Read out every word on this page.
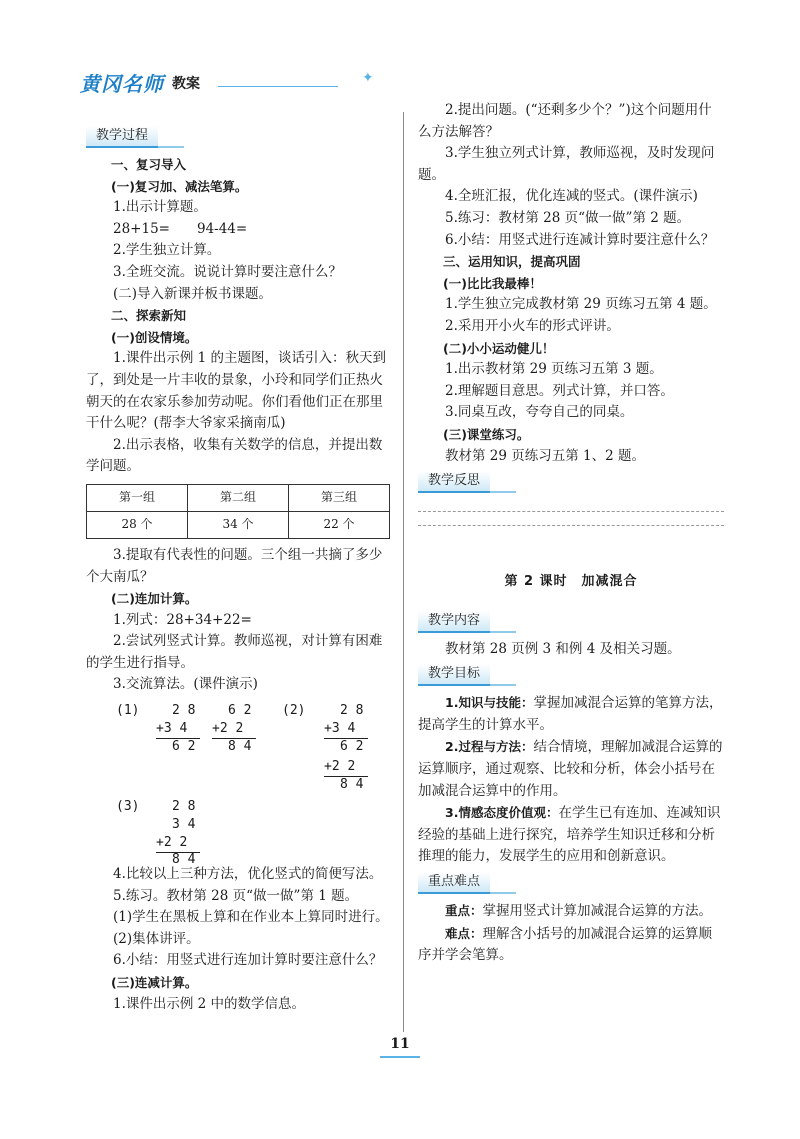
黄冈名师 教案	✦
教学过程

一、复习导入

(一)复习加、减法笔算。

1.出示计算题。

28+15=　　94-44=

2.学生独立计算。

3.全班交流。说说计算时要注意什么？

(二)导入新课并板书课题。

二、探索新知

(一)创设情境。

1.课件出示例 1 的主题图，谈话引入：秋天到了，到处是一片丰收的景象，小玲和同学们正热火朝天的在农家乐参加劳动呢。你们看他们正在那里干什么呢？(帮李大爷家采摘南瓜)

2.出示表格，收集有关数学的信息，并提出数学问题。

第一组	第二组	第三组
28 个	34 个	22 个

3.提取有代表性的问题。三个组一共摘了多少个大南瓜？

(二)连加计算。

1.列式：28+34+22=

2.尝试列竖式计算。教师巡视，对计算有困难的学生进行指导。

3.交流算法。(课件演示)

(1)	2 8
+3 4
6 2
6 2
+2 2
8 4
(2)	2 8
+3 4
6 2
+2 2
8 4
(3)	2 8
3 4
+2 2
8 4

4.比较以上三种方法，优化竖式的简便写法。

5.练习。教材第 28 页“做一做”第 1 题。

(1)学生在黑板上算和在作业本上算同时进行。

(2)集体讲评。

6.小结：用竖式进行连加计算时要注意什么？

(三)连减计算。

1.课件出示例 2 中的数学信息。

2.提出问题。(“还剩多少个？”)这个问题用什么方法解答？

3.学生独立列式计算，教师巡视，及时发现问题。

4.全班汇报，优化连减的竖式。(课件演示)

5.练习：教材第 28 页“做一做”第 2 题。

6.小结：用竖式进行连减计算时要注意什么？

三、运用知识，提高巩固

(一)比比我最棒！

1.学生独立完成教材第 29 页练习五第 4 题。

2.采用开小火车的形式评讲。

(二)小小运动健儿！

1.出示教材第 29 页练习五第 3 题。

2.理解题目意思。列式计算，并口答。

3.同桌互改，夸夸自己的同桌。

(三)课堂练习。

教材第 29 页练习五第 1、2 题。

教学反思
第 2 课时　加减混合
教学内容

教材第 28 页例 3 和例 4 及相关习题。

教学目标

1.知识与技能：掌握加减混合运算的笔算方法，提高学生的计算水平。

2.过程与方法：结合情境，理解加减混合运算的运算顺序，通过观察、比较和分析，体会小括号在加减混合运算中的作用。

3.情感态度价值观：在学生已有连加、连减知识经验的基础上进行探究，培养学生知识迁移和分析推理的能力，发展学生的应用和创新意识。

重点难点

重点：掌握用竖式计算加减混合运算的方法。

难点：理解含小括号的加减混合运算的运算顺序并学会笔算。

11
